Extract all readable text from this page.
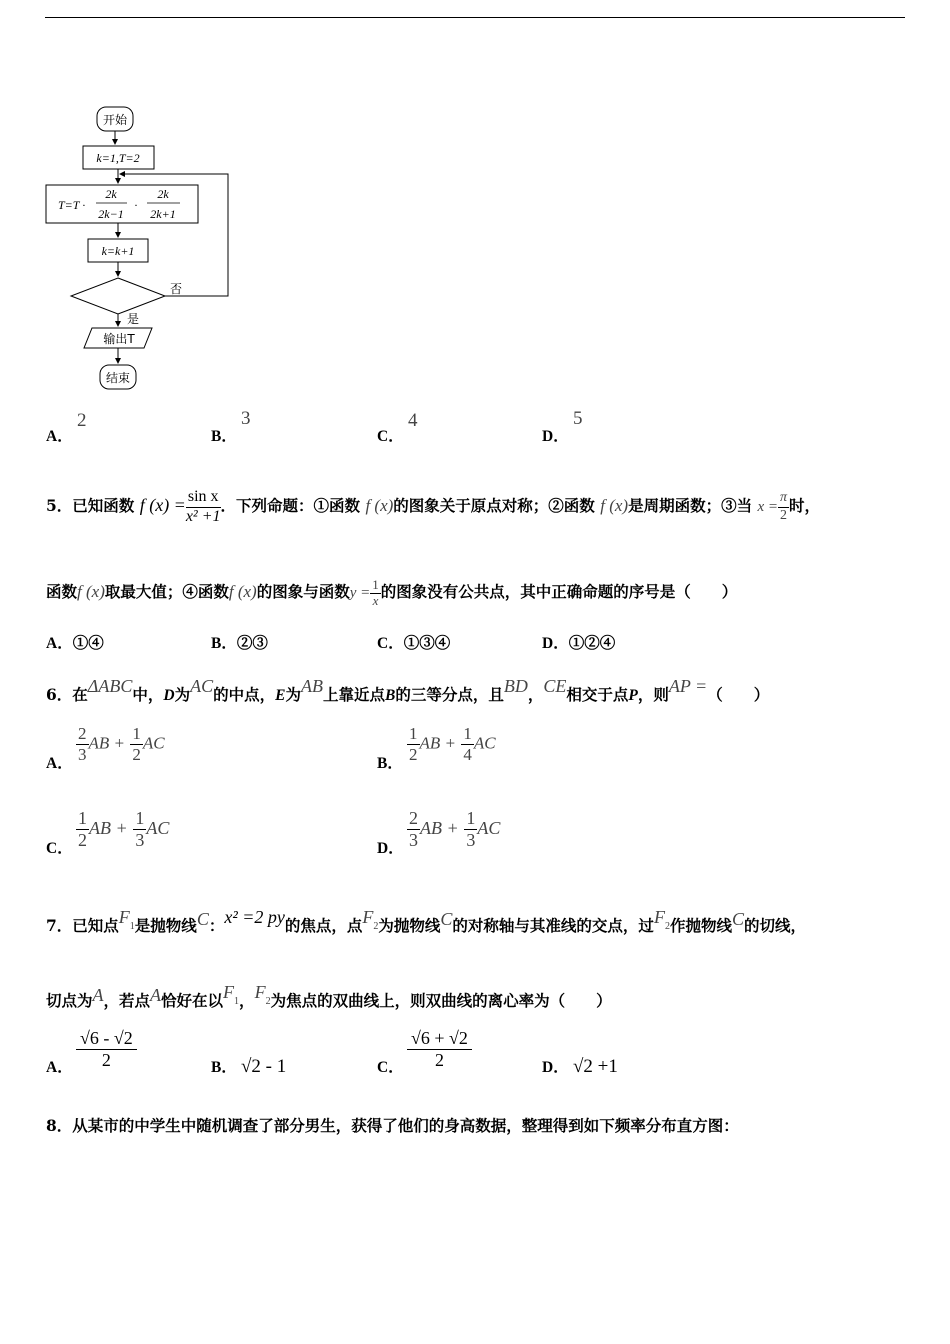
开始
k=1,T=2
T=T ·
2k
2k−1
·
2k
2k+1
k=k+1
否
是
输出T
结束
A．
2
B．
3
C．
4
D．
5
5．已知函数 f $(x) = \frac{\text{sin x}}{\text{x² +1}}$ ．下列命题：①函数 f (x)的图象关于原点对称；②函数 f (x)是周期函数；③当 $x = \frac{\pi}{2}$ 时，
函数f (x)取最大值；④函数f (x)的图象与函数$y = \frac{1}{x}$ 的图象没有公共点，其中正确命题的序号是（　　）
A．①④	B．②③	C．①③④	D．①②④
6．在ΔABC中，D为AC的中点，E为AB上靠近点B的三等分点，且BD，CE相交于点P，则AP =（　　）
A． $\frac{2}{3}$ AB + $\frac{1}{2}$ AC
B． $\frac{1}{2}$ AB + $\frac{1}{4}$ AC
C． $\frac{1}{2}$ AB + $\frac{1}{3}$ AC
D． $\frac{2}{3}$ AB + $\frac{1}{3}$ AC
7．已知点F1是抛物线C：x² =2 py的焦点，点F2为抛物线C的对称轴与其准线的交点，过F2作抛物线C的切线，
切点为A，若点A恰好在以F1，F2为焦点的双曲线上，则双曲线的离心率为（　　）
A． $\frac{√6 - √2}{2}$	B． √2 - 1	C． $\frac{√6 + √2}{2}$	D． √2 +1
8．从某市的中学生中随机调查了部分男生，获得了他们的身高数据，整理得到如下频率分布直方图：
